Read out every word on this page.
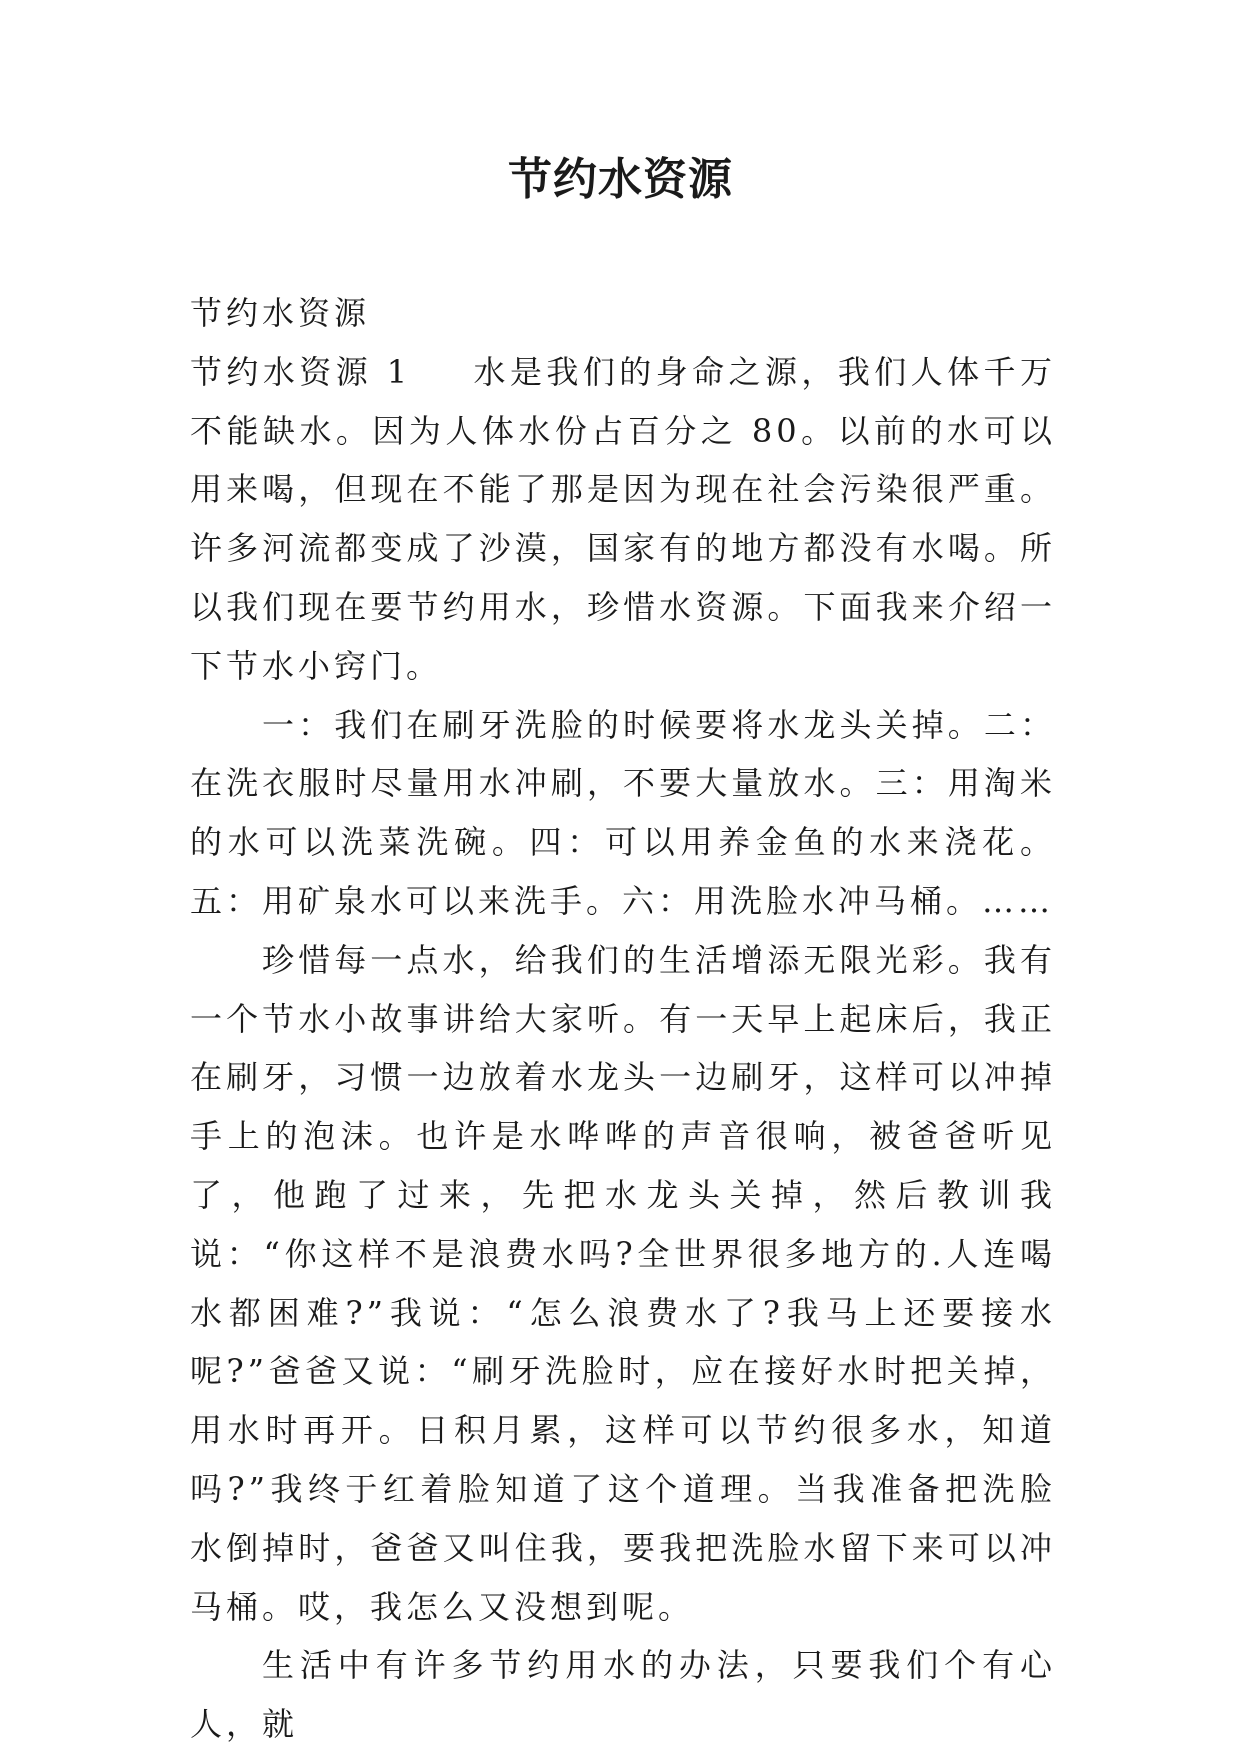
节约水资源

节约水资源

节约水资源 1 水是我们的身命之源，我们人体千万不能缺水。因为人体水份占百分之 80。以前的水可以用来喝，但现在不能了那是因为现在社会污染很严重。许多河流都变成了沙漠，国家有的地方都没有水喝。所以我们现在要节约用水，珍惜水资源。下面我来介绍一下节水小窍门。

一：我们在刷牙洗脸的时候要将水龙头关掉。二：在洗衣服时尽量用水冲刷，不要大量放水。三：用淘米的水可以洗菜洗碗。四：可以用养金鱼的水来浇花。五：用矿泉水可以来洗手。六：用洗脸水冲马桶。……

珍惜每一点水，给我们的生活增添无限光彩。我有一个节水小故事讲给大家听。有一天早上起床后，我正在刷牙，习惯一边放着水龙头一边刷牙，这样可以冲掉手上的泡沫。也许是水哗哗的声音很响，被爸爸听见了，他跑了过来，先把水龙头关掉，然后教训我说：“你这样不是浪费水吗?全世界很多地方的.人连喝水都困难?”我说：“怎么浪费水了?我马上还要接水呢?”爸爸又说：“刷牙洗脸时，应在接好水时把关掉，用水时再开。日积月累，这样可以节约很多水，知道吗?”我终于红着脸知道了这个道理。当我准备把洗脸水倒掉时，爸爸又叫住我，要我把洗脸水留下来可以冲马桶。哎，我怎么又没想到呢。

生活中有许多节约用水的办法，只要我们个有心人，就
